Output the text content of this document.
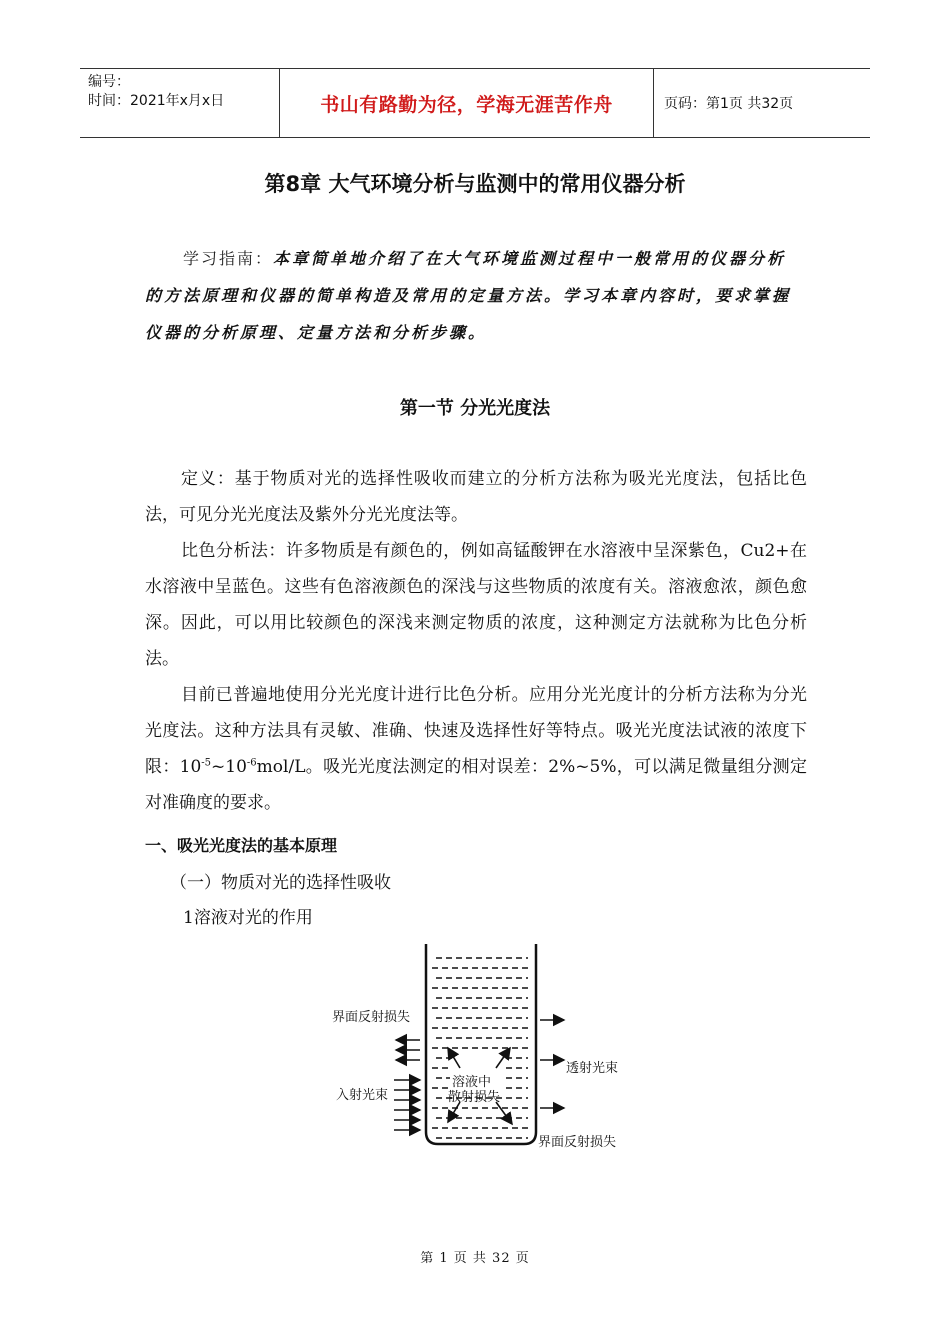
编号：
时间：2021年x月x日	书山有路勤为径，学海无涯苦作舟	页码：第1页 共32页
第8章 大气环境分析与监测中的常用仪器分析
学习指南：本章简单地介绍了在大气环境监测过程中一般常用的仪器分析的方法原理和仪器的简单构造及常用的定量方法。学习本章内容时，要求掌握仪器的分析原理、定量方法和分析步骤。
第一节 分光光度法

定义：基于物质对光的选择性吸收而建立的分析方法称为吸光光度法，包括比色法，可见分光光度法及紫外分光光度法等。

比色分析法：许多物质是有颜色的，例如高锰酸钾在水溶液中呈深紫色，Cu2+在水溶液中呈蓝色。这些有色溶液颜色的深浅与这些物质的浓度有关。溶液愈浓，颜色愈深。因此，可以用比较颜色的深浅来测定物质的浓度，这种测定方法就称为比色分析法。

目前已普遍地使用分光光度计进行比色分析。应用分光光度计的分析方法称为分光光度法。这种方法具有灵敏、准确、快速及选择性好等特点。吸光光度法试液的浓度下限：$10^{-5}\sim 10^{-6}mol/L$。吸光光度法测定的相对误差：2%~5%，可以满足微量组分测定对准确度的要求。

一、吸光光度法的基本原理
（一）物质对光的选择性吸收
1溶液对光的作用
界面反射损失
入射光束
溶液中
散射损失
透射光束
界面反射损失
第 1 页 共 32 页
